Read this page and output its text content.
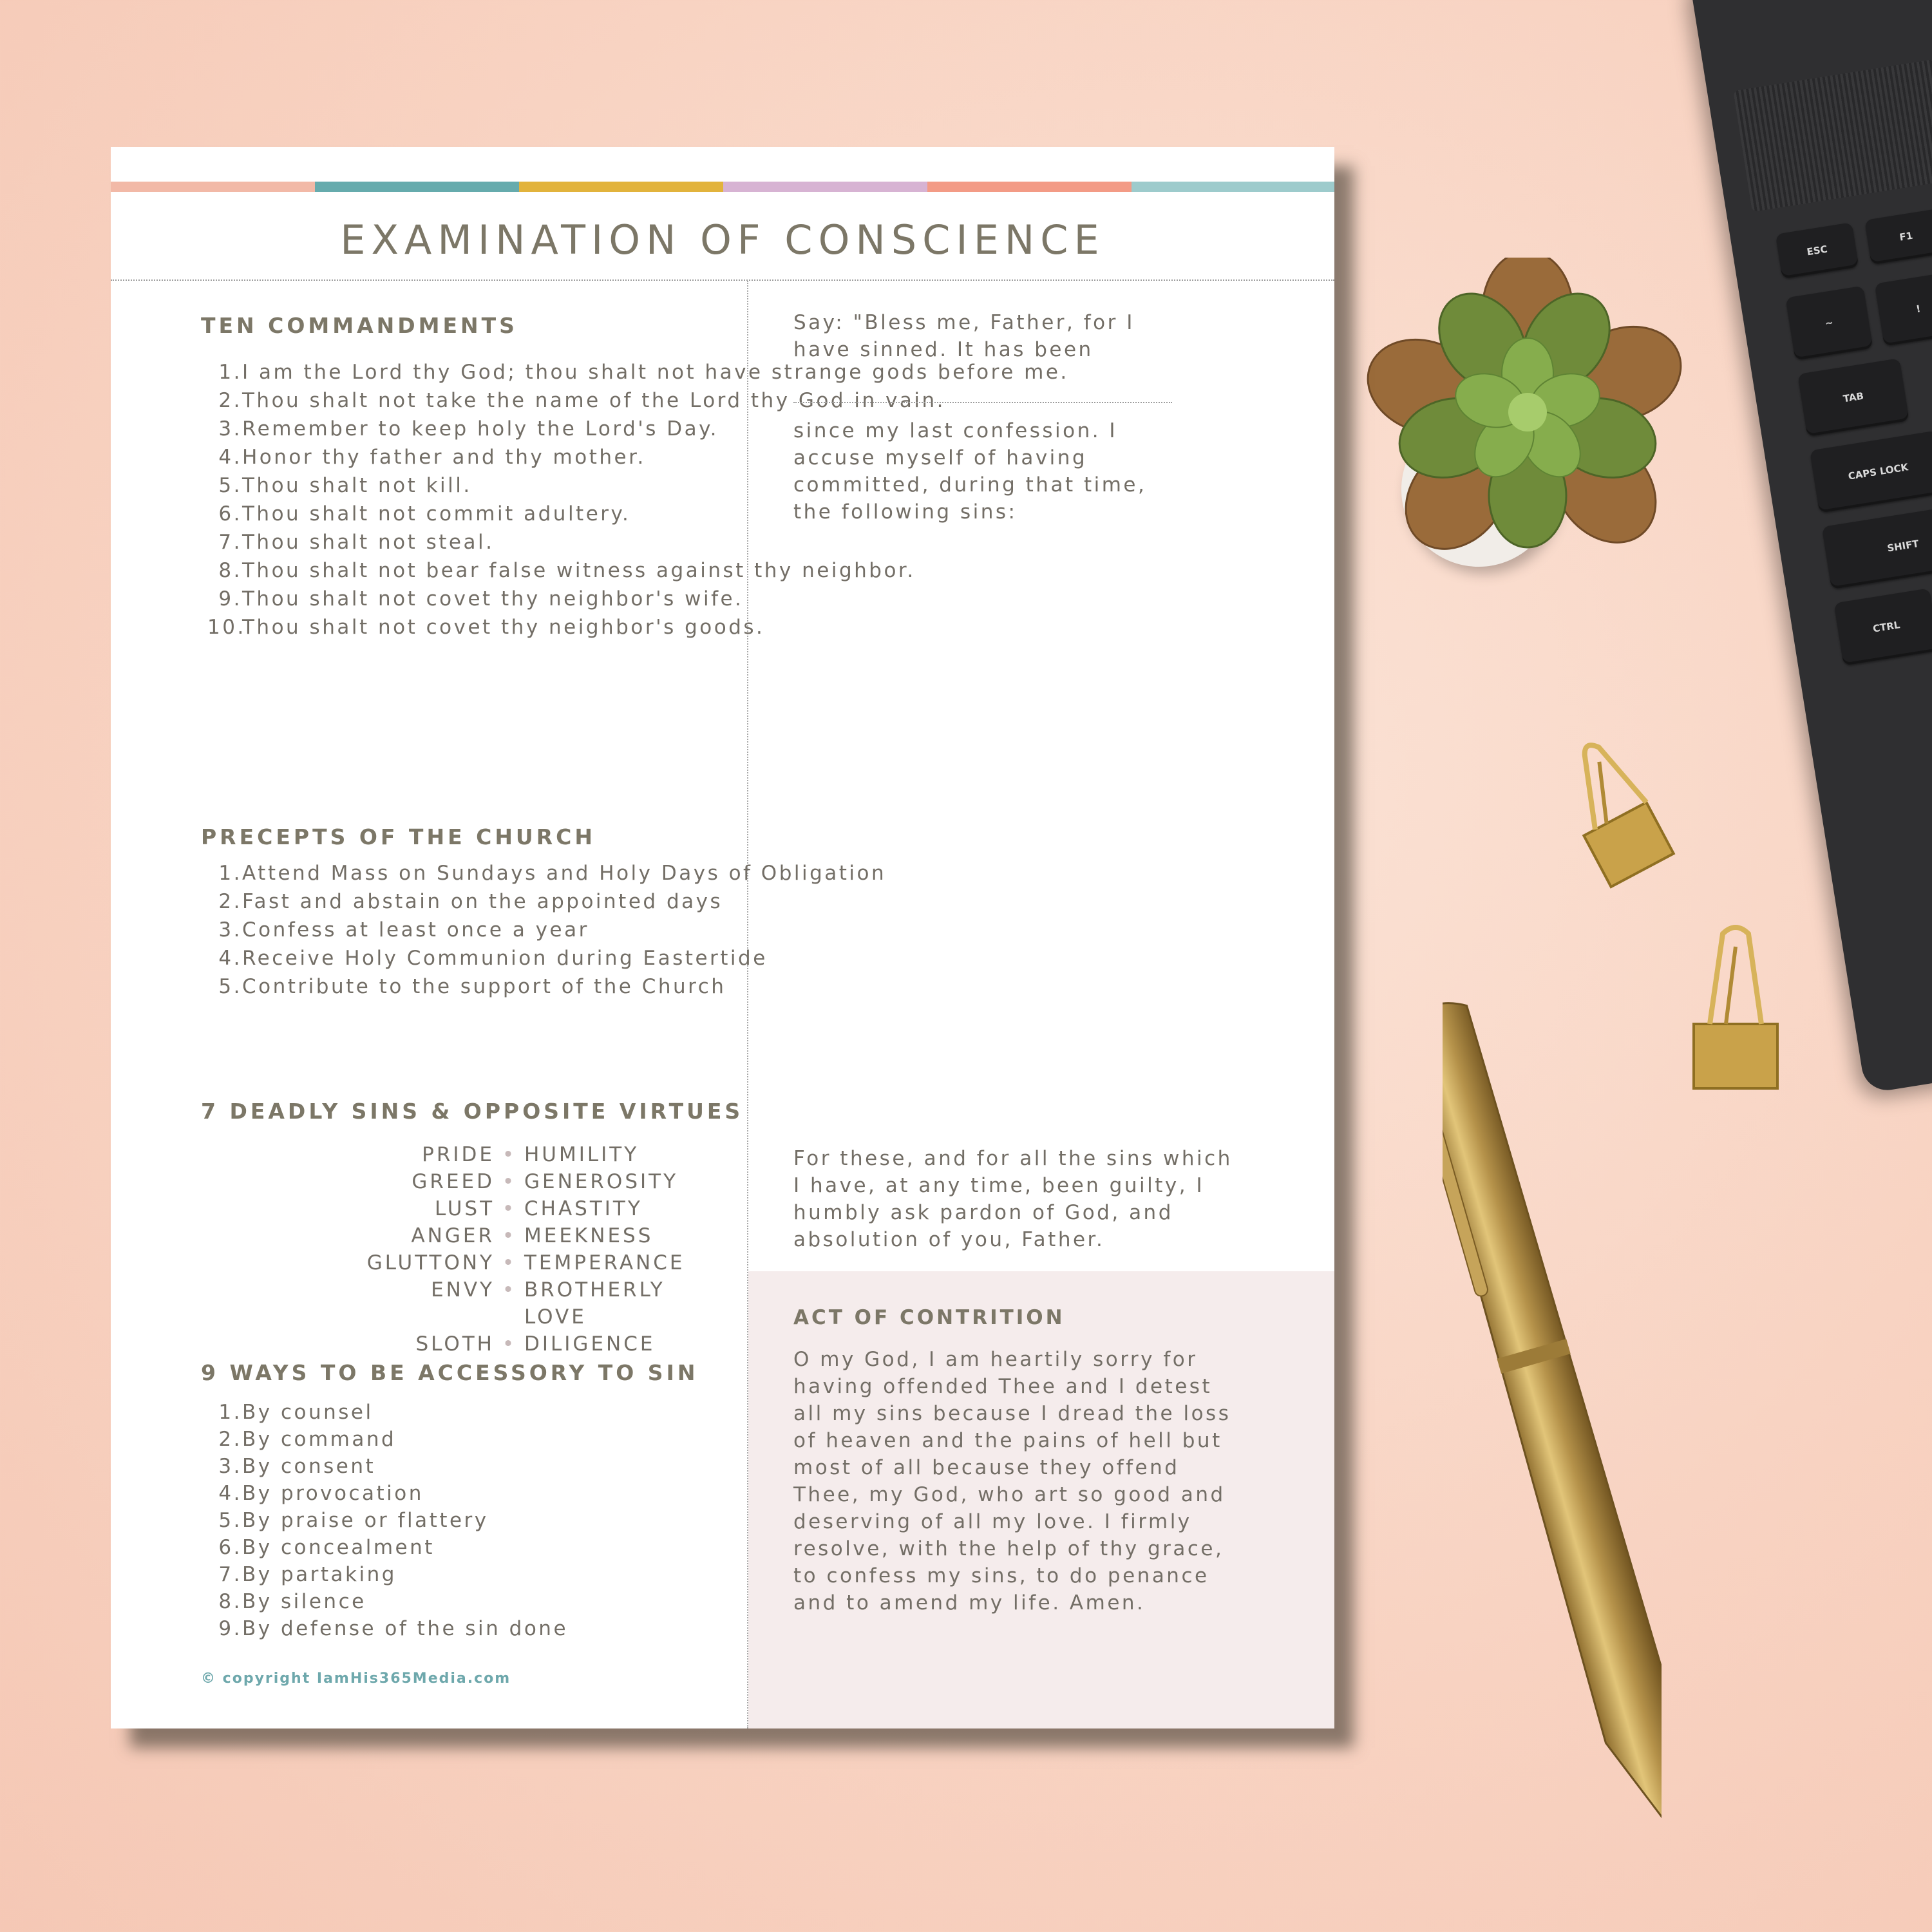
ESC
F1
~
!
TAB
CAPS LOCK
SHIFT
CTRL
EXAMINATION OF CONSCIENCE
TEN COMMANDMENTS
1. I am the Lord thy God; thou shalt not have strange gods before me.
2. Thou shalt not take the name of the Lord thy God in vain.
3. Remember to keep holy the Lord's Day.
4. Honor thy father and thy mother.
5. Thou shalt not kill.
6. Thou shalt not commit adultery.
7. Thou shalt not steal.
8. Thou shalt not bear false witness against thy neighbor.
9. Thou shalt not covet thy neighbor's wife.
10.
Thou shalt not covet thy neighbor's goods.
PRECEPTS OF THE CHURCH
1. Attend Mass on Sundays and Holy Days of Obligation
2. Fast and abstain on the appointed days
3. Confess at least once a year
4. Receive Holy Communion during Eastertide
5. Contribute to the support of the Church
7 DEADLY SINS & OPPOSITE VIRTUES
PRIDE • HUMILITY
GREED • GENEROSITY
LUST • CHASTITY
ANGER • MEEKNESS
GLUTTONY • TEMPERANCE
ENVY • BROTHERLY LOVE
SLOTH • DILIGENCE
9 WAYS TO BE ACCESSORY TO SIN
1. By counsel
2. By command
3. By consent
4. By provocation
5. By praise or flattery
6. By concealment
7. By partaking
8. By silence
9. By defense of the sin done
© copyright IamHis365Media.com

Say: "Bless me, Father, for I have sinned. It has been

since my last confession. I accuse myself of having committed, during that time, the following sins:

For these, and for all the sins which I have, at any time, been guilty, I humbly ask pardon of God, and absolution of you, Father.

ACT OF CONTRITION

O my God, I am heartily sorry for having offended Thee and I detest all my sins because I dread the loss of heaven and the pains of hell but most of all because they offend Thee, my God, who art so good and deserving of all my love. I firmly resolve, with the help of thy grace, to confess my sins, to do penance and to amend my life. Amen.
